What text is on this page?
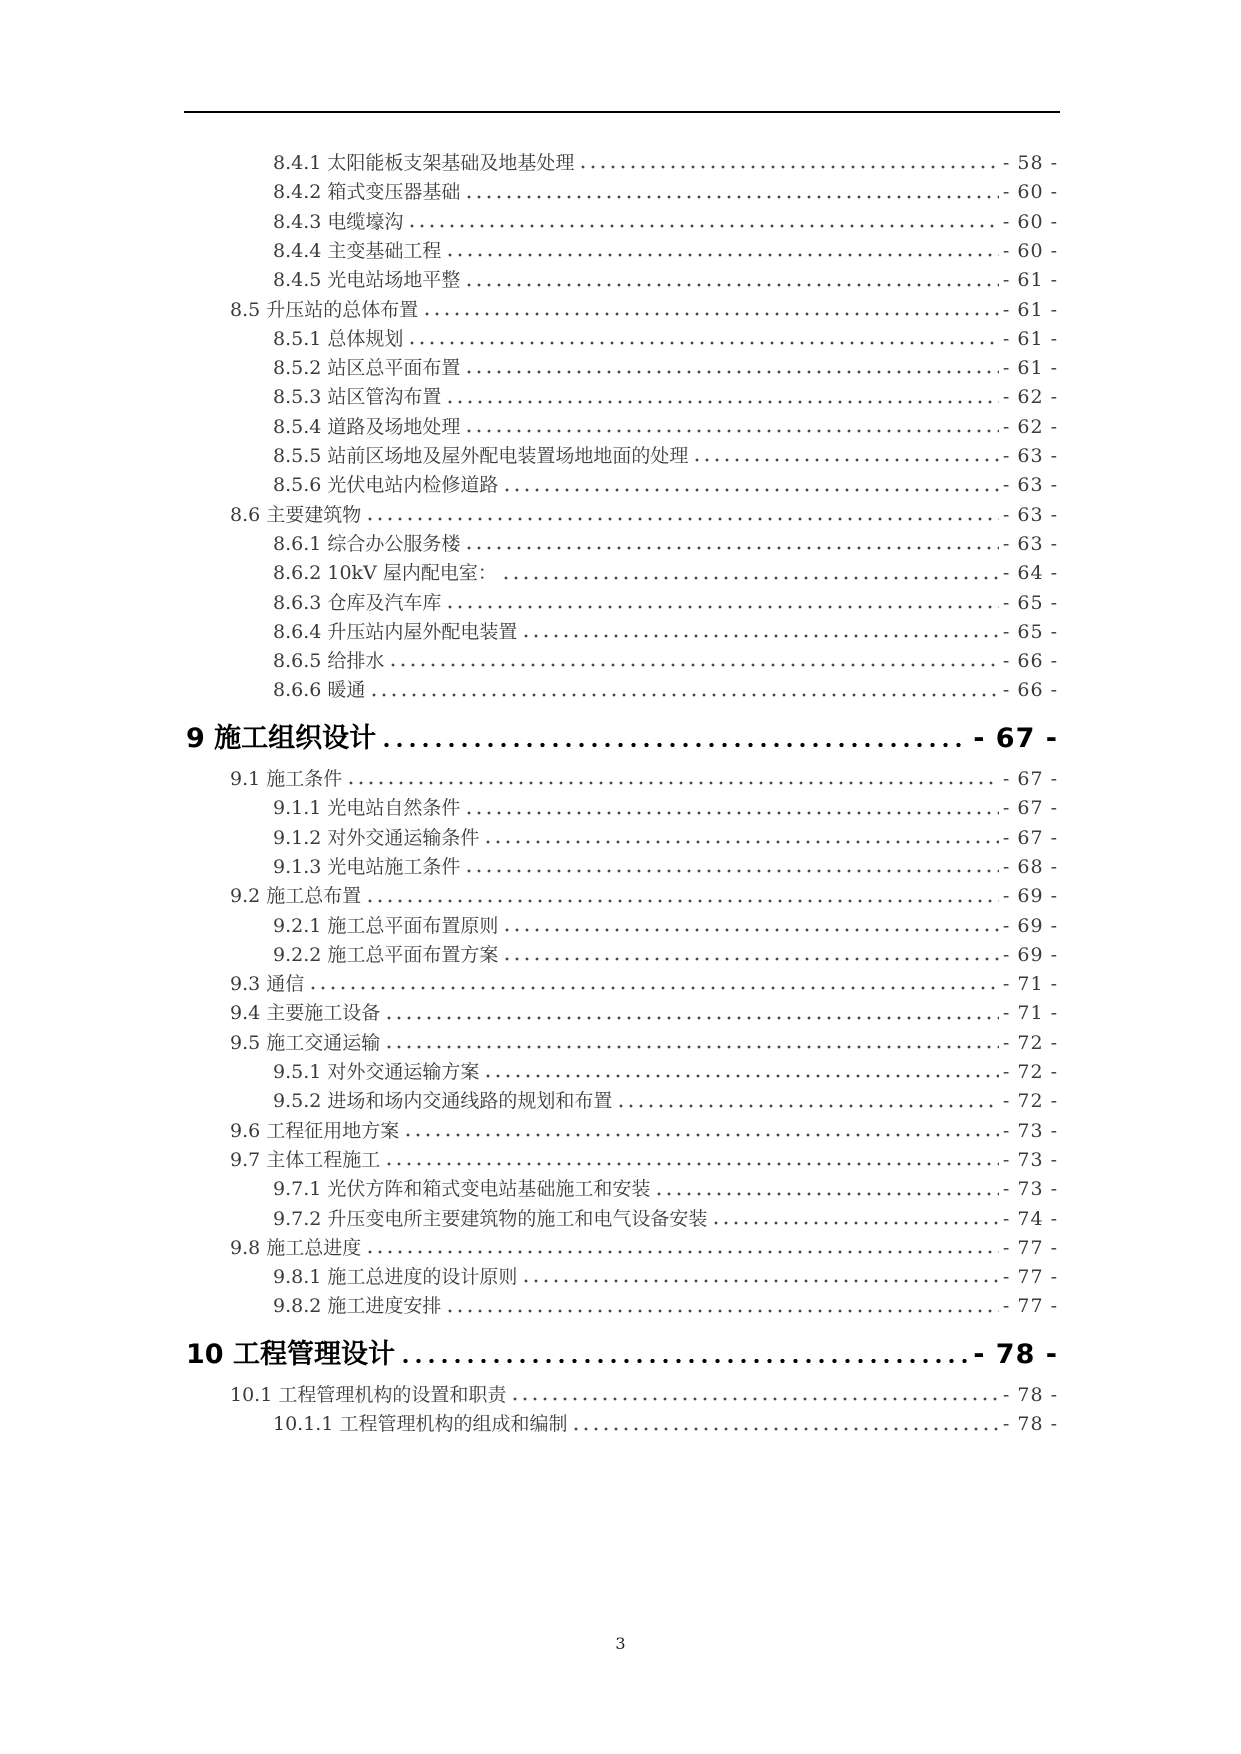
8.4.1 太阳能板支架基础及地基处理	- 58 -
8.4.2 箱式变压器基础	- 60 -
8.4.3 电缆壕沟	- 60 -
8.4.4 主变基础工程	- 60 -
8.4.5 光电站场地平整	- 61 -
8.5 升压站的总体布置	- 61 -
8.5.1 总体规划	- 61 -
8.5.2 站区总平面布置	- 61 -
8.5.3 站区管沟布置	- 62 -
8.5.4 道路及场地处理	- 62 -
8.5.5 站前区场地及屋外配电装置场地地面的处理	- 63 -
8.5.6 光伏电站内检修道路	- 63 -
8.6 主要建筑物	- 63 -
8.6.1 综合办公服务楼	- 63 -
8.6.2 10kV 屋内配电室：	- 64 -
8.6.3 仓库及汽车库	- 65 -
8.6.4 升压站内屋外配电装置	- 65 -
8.6.5 给排水	- 66 -
8.6.6 暖通	- 66 -
9 施工组织设计	- 67 -
9.1 施工条件	- 67 -
9.1.1 光电站自然条件	- 67 -
9.1.2 对外交通运输条件	- 67 -
9.1.3 光电站施工条件	- 68 -
9.2 施工总布置	- 69 -
9.2.1 施工总平面布置原则	- 69 -
9.2.2 施工总平面布置方案	- 69 -
9.3 通信	- 71 -
9.4 主要施工设备	- 71 -
9.5 施工交通运输	- 72 -
9.5.1 对外交通运输方案	- 72 -
9.5.2 进场和场内交通线路的规划和布置	- 72 -
9.6 工程征用地方案	- 73 -
9.7 主体工程施工	- 73 -
9.7.1 光伏方阵和箱式变电站基础施工和安装	- 73 -
9.7.2 升压变电所主要建筑物的施工和电气设备安装	- 74 -
9.8 施工总进度	- 77 -
9.8.1 施工总进度的设计原则	- 77 -
9.8.2 施工进度安排	- 77 -
10 工程管理设计	- 78 -
10.1 工程管理机构的设置和职责	- 78 -
10.1.1 工程管理机构的组成和编制	- 78 -
3
